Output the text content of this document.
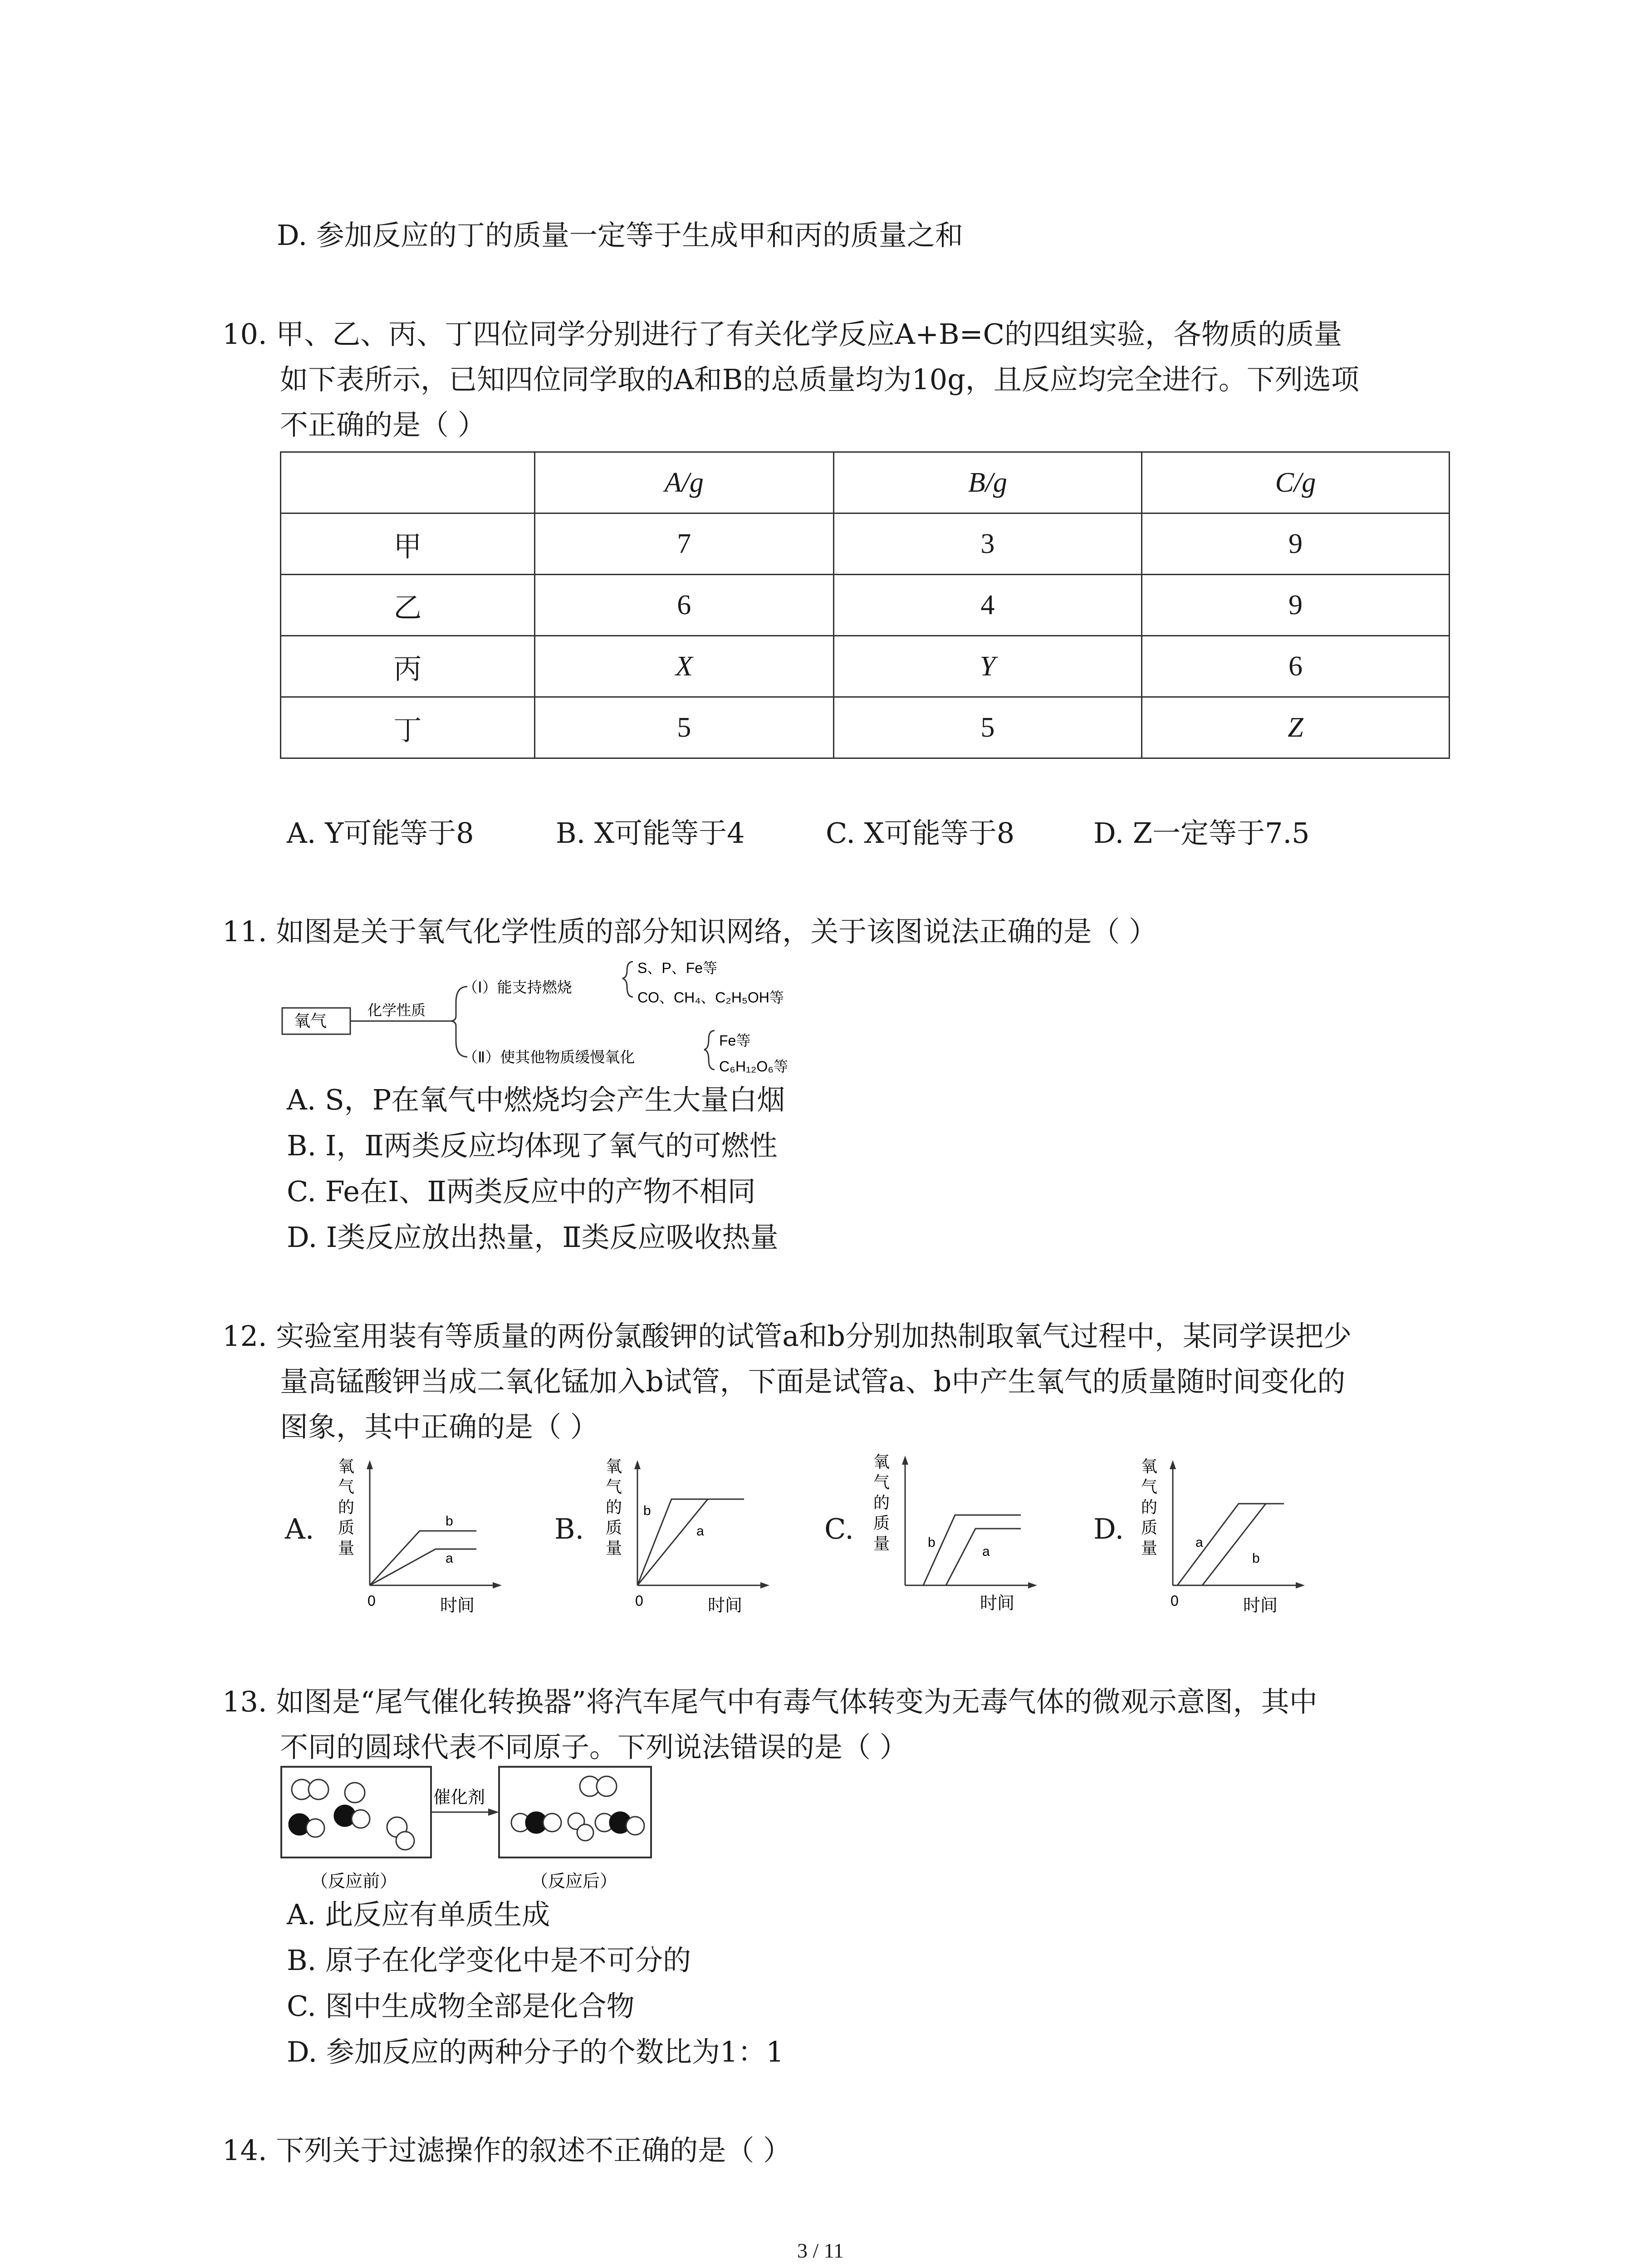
D. 参加反应的丁的质量一定等于生成甲和丙的质量之和
10. 甲、乙、丙、丁四位同学分别进行了有关化学反应A+B=C的四组实验，各物质的质量
如下表所示，已知四位同学取的A和B的总质量均为10g，且反应均完全进行。下列选项
不正确的是（ ）
	A/g	B/g	C/g
甲	7	3	9
乙	6	4	9
丙	X	Y	6
丁	5	5	Z
A. Y可能等于8	B. X可能等于4	C. X可能等于8	D. Z一定等于7.5
11. 如图是关于氧气化学性质的部分知识网络，关于该图说法正确的是（ ）
氧气
化学性质
（Ⅰ）能支持燃烧
S、P、Fe等
CO、CH₄、C₂H₅OH等
（Ⅱ）使其他物质缓慢氧化
Fe等
C₆H₁₂O₆等
A. S，P在氧气中燃烧均会产生大量白烟
B. Ⅰ，Ⅱ两类反应均体现了氧气的可燃性
C. Fe在Ⅰ、Ⅱ两类反应中的产物不相同
D. Ⅰ类反应放出热量，Ⅱ类反应吸收热量
12. 实验室用装有等质量的两份氯酸钾的试管a和b分别加热制取氧气过程中，某同学误把少
量高锰酸钾当成二氧化锰加入b试管，下面是试管a、b中产生氧气的质量随时间变化的
图象，其中正确的是（ ）
A.	B.	C.	D.
氧
气
的
质
量
0	时间
b
a
氧
气
的
质
量
0	时间
b
a
氧
气
的
质
量
时间
b
a
氧
气
的
质
量
0	时间
a
b
13. 如图是“尾气催化转换器”将汽车尾气中有毒气体转变为无毒气体的微观示意图，其中
不同的圆球代表不同原子。下列说法错误的是（ ）
催化剂
（反应前）	（反应后）
A. 此反应有单质生成
B. 原子在化学变化中是不可分的
C. 图中生成物全部是化合物
D. 参加反应的两种分子的个数比为1：1
14. 下列关于过滤操作的叙述不正确的是（ ）
3 / 11
